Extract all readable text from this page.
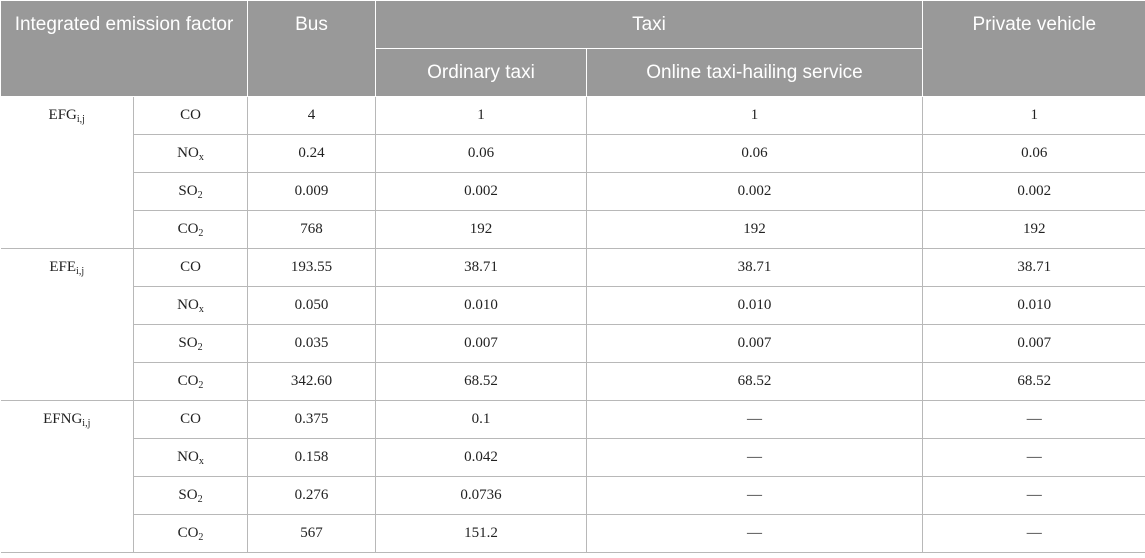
Integrated emission factor		Bus	Taxi		Private vehicle
			Ordinary taxi	Online taxi-hailing service	
$EFG_{i,j}$	CO	4	1	1	1
	$NO_x$	0.24	0.06	0.06	0.06
	$SO_2$	0.009	0.002	0.002	0.002
	$CO_2$	768	192	192	192
$EFE_{i,j}$	CO	193.55	38.71	38.71	38.71
	$NO_x$	0.050	0.010	0.010	0.010
	$SO_2$	0.035	0.007	0.007	0.007
	$CO_2$	342.60	68.52	68.52	68.52
$EFNG_{i,j}$	CO	0.375	0.1	—	—
	$NO_x$	0.158	0.042	—	—
	$SO_2$	0.276	0.0736	—	—
	$CO_2$	567	151.2	—	—
